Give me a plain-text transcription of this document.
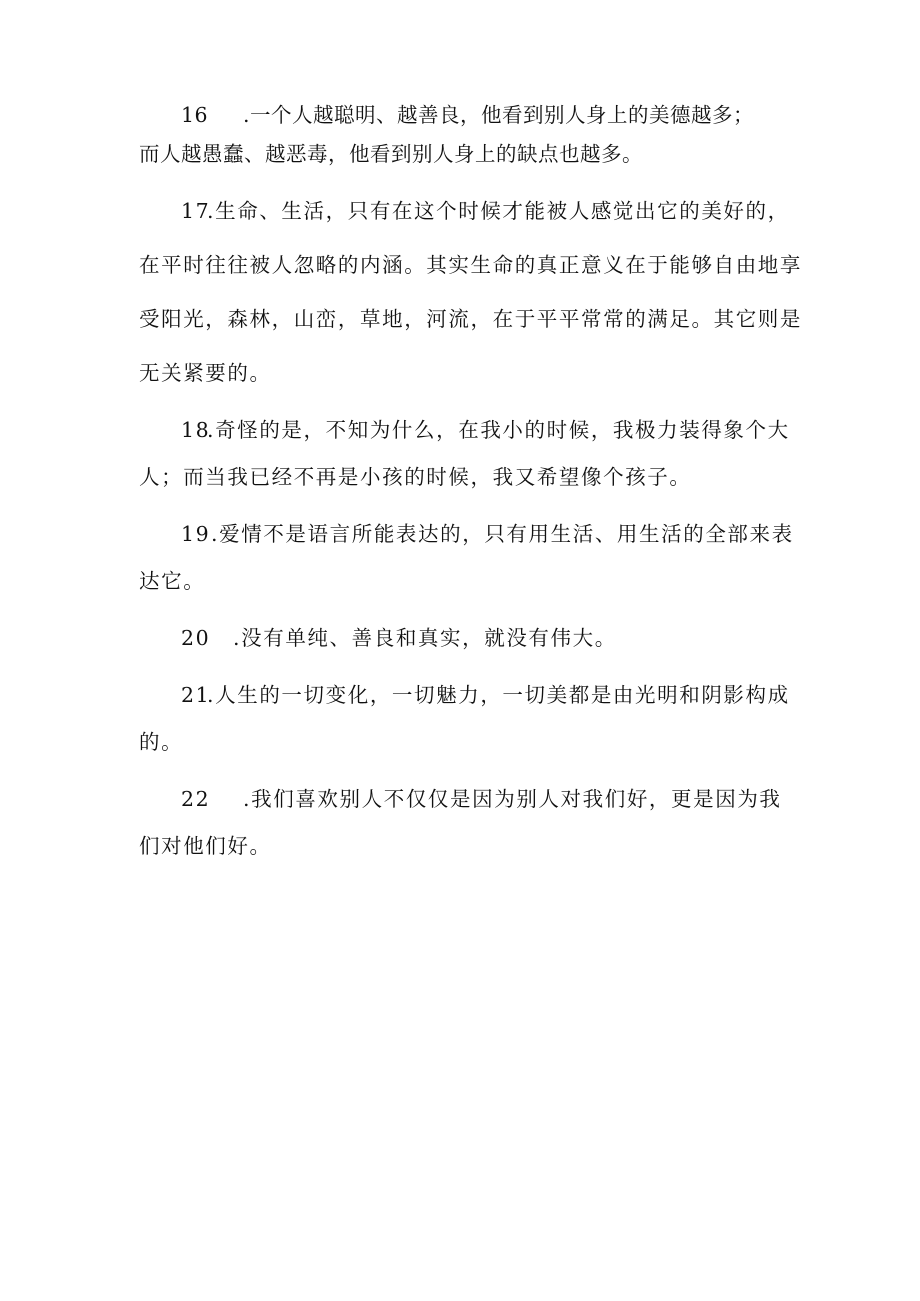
16 .一个人越聪明、越善良，他看到别人身上的美德越多；
而人越愚蠢、越恶毒，他看到别人身上的缺点也越多。

17.生命、生活，只有在这个时候才能被人感觉出它的美好的，
在平时往往被人忽略的内涵。其实生命的真正意义在于能够自由地享
受阳光，森林，山峦，草地，河流，在于平平常常的满足。其它则是
无关紧要的。

18.奇怪的是，不知为什么，在我小的时候，我极力装得象个大
人；而当我已经不再是小孩的时候，我又希望像个孩子。

19.爱情不是语言所能表达的，只有用生活、用生活的全部来表
达它。

20 .没有单纯、善良和真实，就没有伟大。

21.人生的一切变化，一切魅力，一切美都是由光明和阴影构成
的。

22 .我们喜欢别人不仅仅是因为别人对我们好，更是因为我
们对他们好。
